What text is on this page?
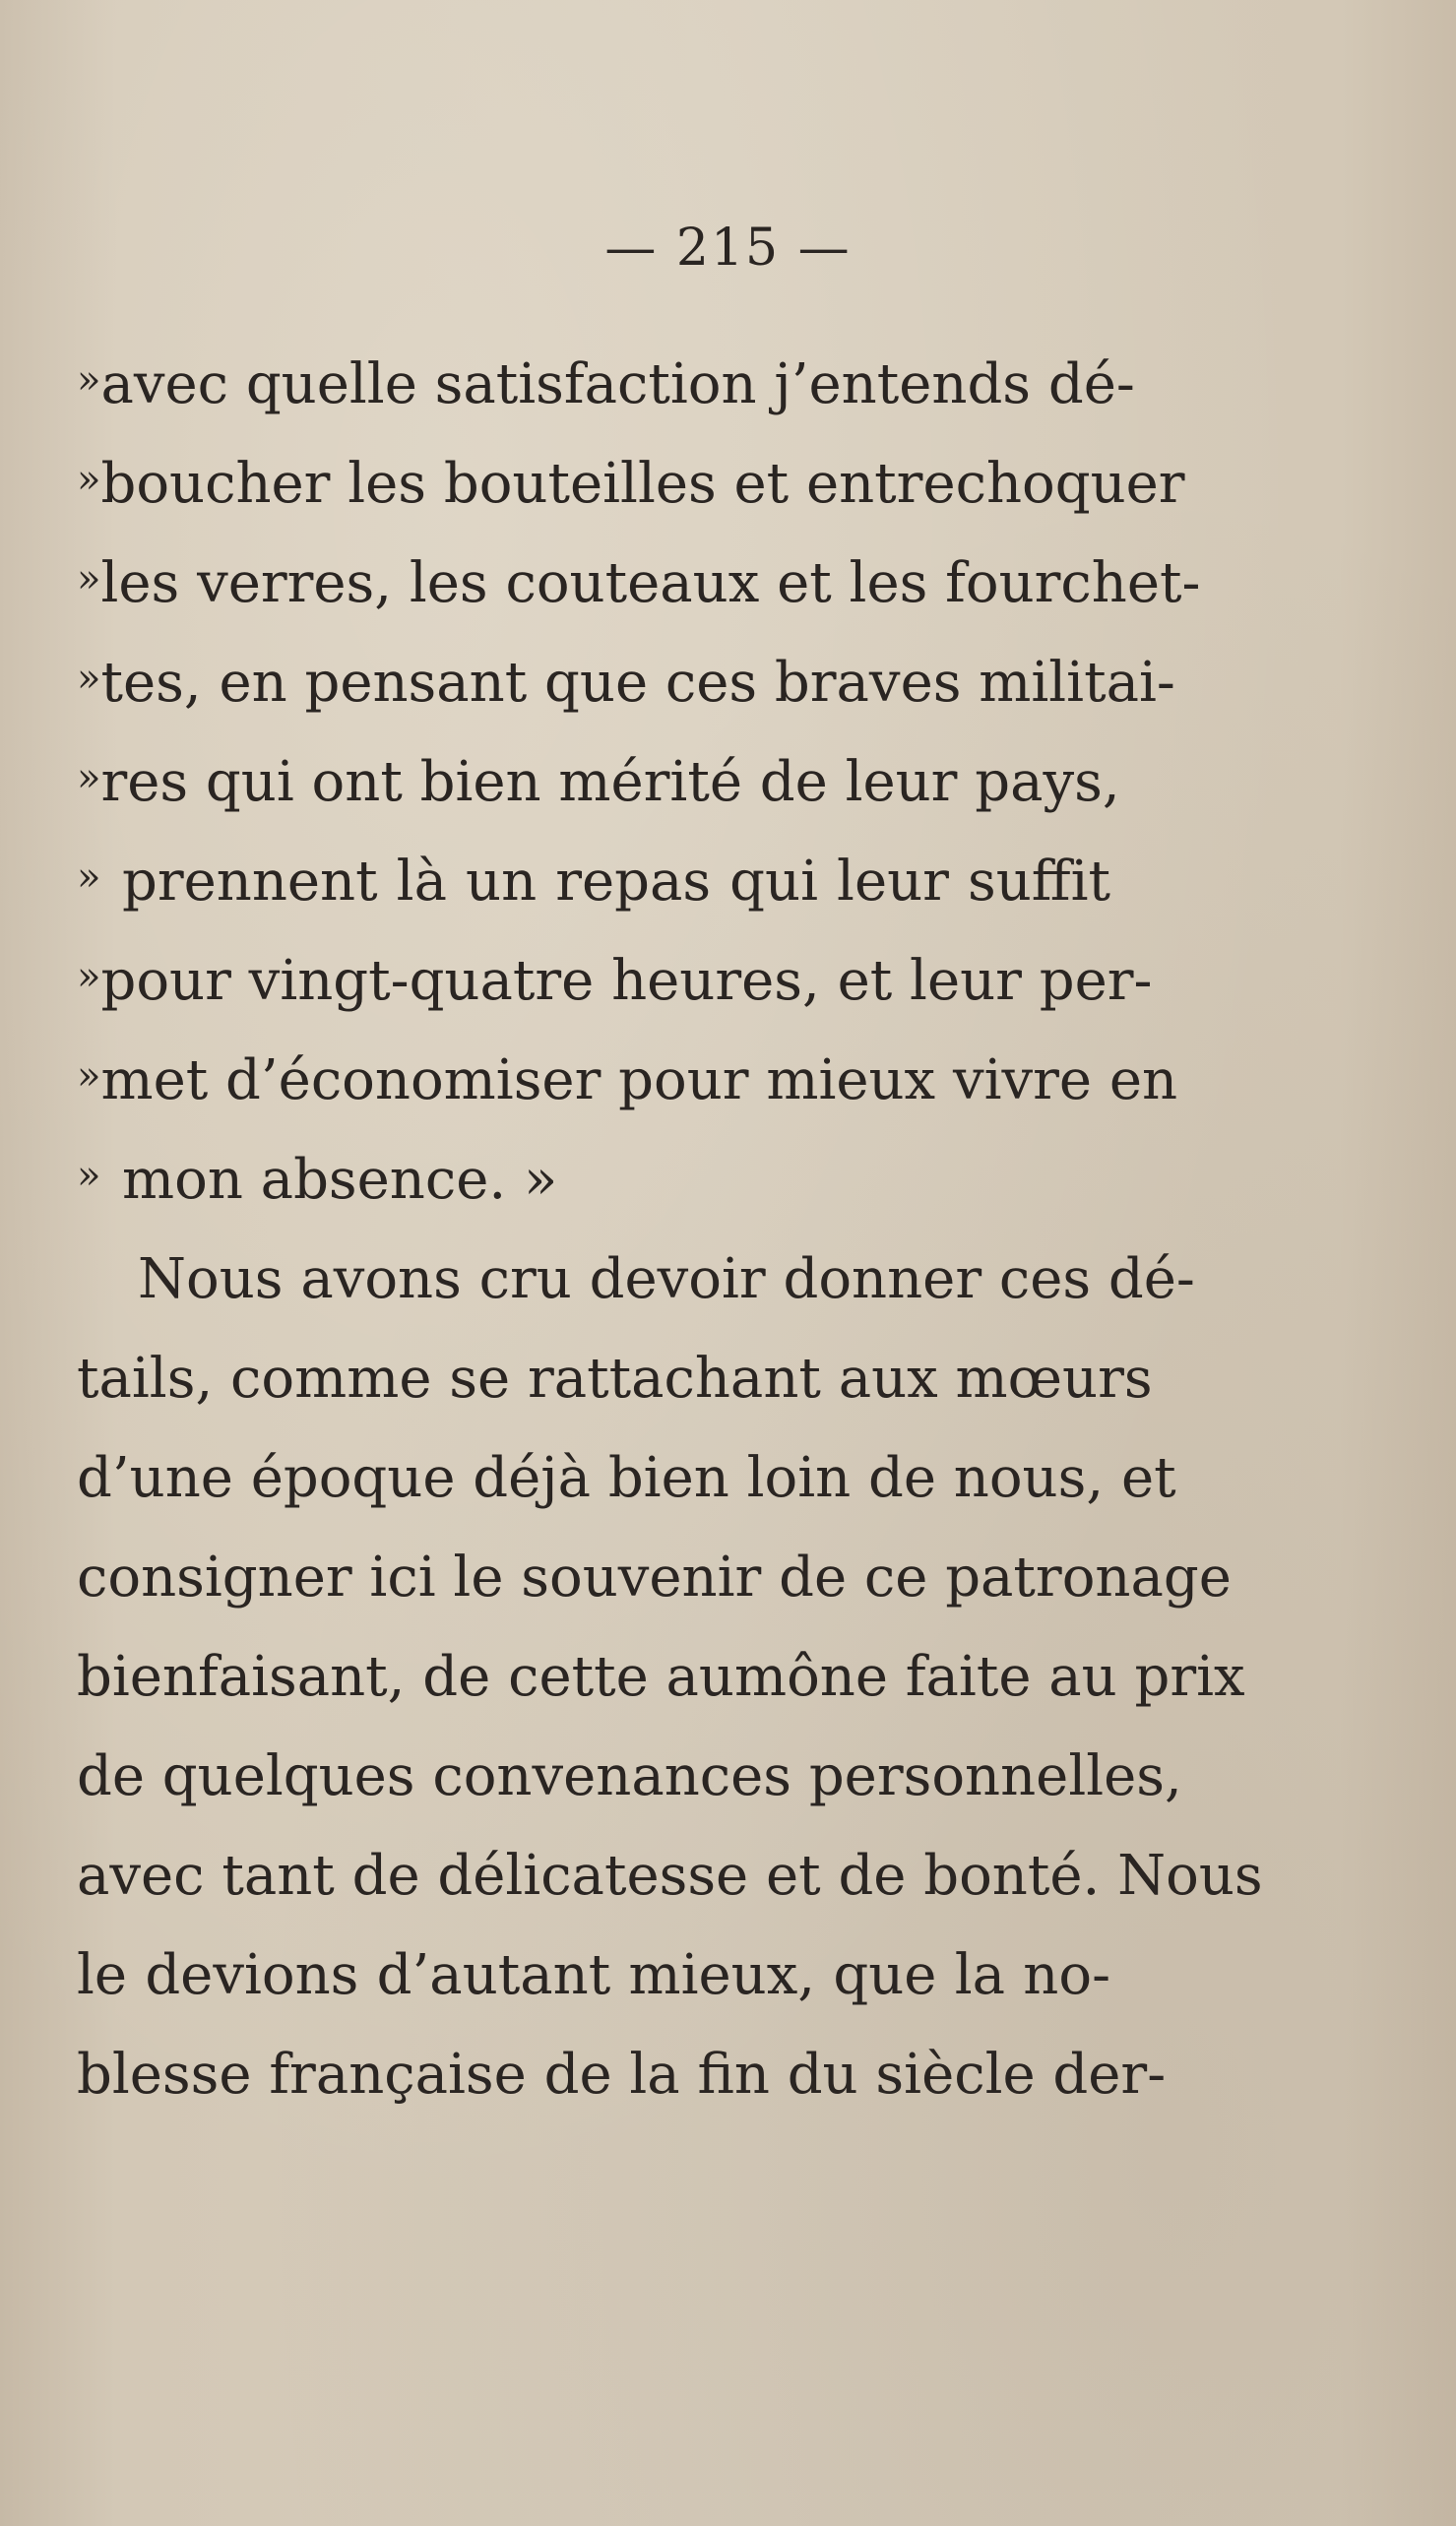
— 215 —
» avec quelle satisfaction j’entends dé-
» boucher les bouteilles et entrechoquer
» les verres, les couteaux et les fourchet-
» tes, en pensant que ces braves militai-
» res qui ont bien mérité de leur pays,
» prennent là un repas qui leur suffit
» pour vingt-quatre heures, et leur per-
» met d’économiser pour mieux vivre en
» mon absence. »
Nous avons cru devoir donner ces dé-
tails, comme se rattachant aux mœurs
d’une époque déjà bien loin de nous, et
consigner ici le souvenir de ce patronage
bienfaisant, de cette aumône faite au prix
de quelques convenances personnelles,
avec tant de délicatesse et de bonté. Nous
le devions d’autant mieux, que la no-
blesse française de la fin du siècle der-
